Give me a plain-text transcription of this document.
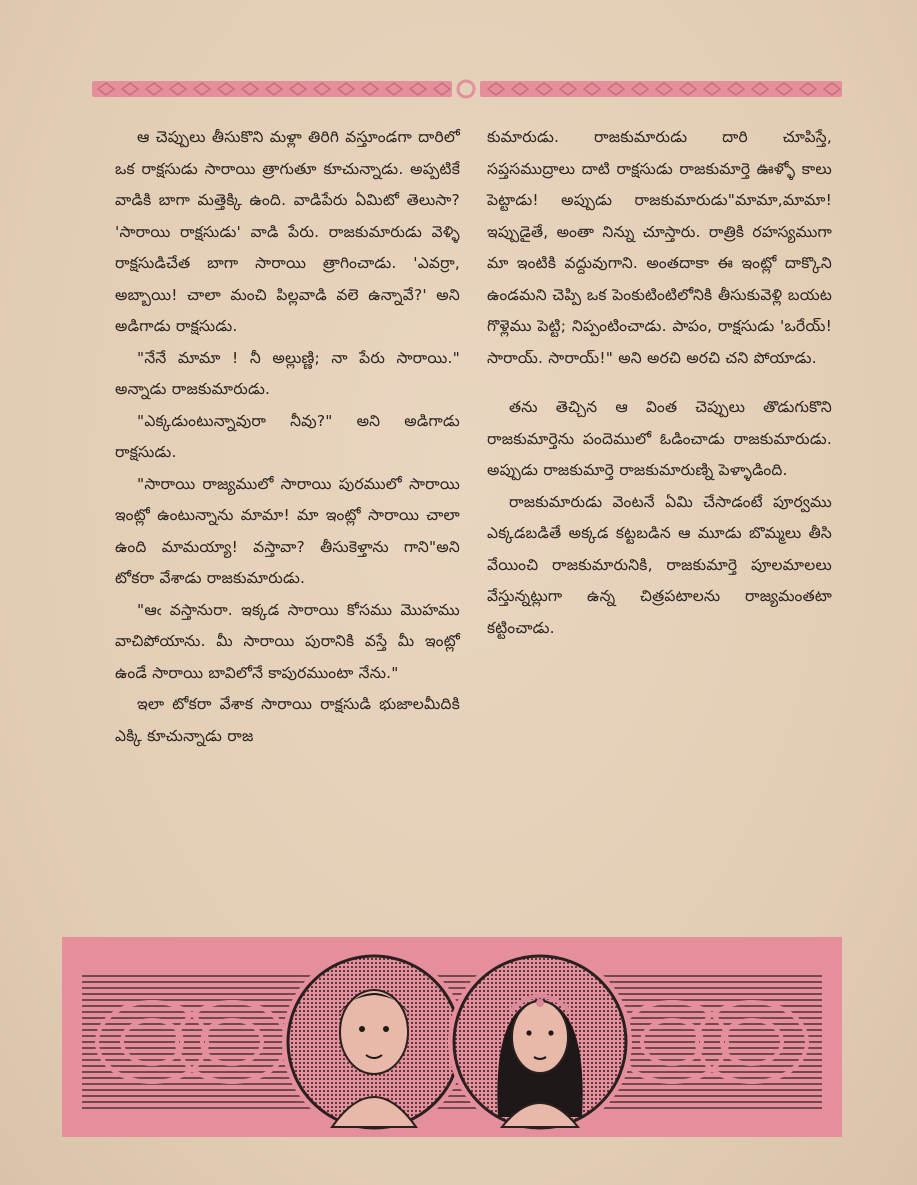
ఆ చెప్పులు తీసుకొని మళ్లా తిరిగి వస్తూండగా దారిలో ఒక రాక్షసుడు సారాయి త్రాగుతూ కూచున్నాడు. అప్పటికే వాడికి బాగా మత్తెక్కి ఉంది. వాడిపేరు ఏమిటో తెలుసా? 'సారాయి రాక్షసుడు' వాడి పేరు. రాజకుమారుడు వెళ్ళి రాక్షసుడిచేత బాగా సారాయి త్రాగించాడు. 'ఎవర్రా, అబ్బాయి! చాలా మంచి పిల్లవాడి వలె ఉన్నావే?' అని అడిగాడు రాక్షసుడు.

"నేనే మామా ! నీ అల్లుణ్ణి; నా పేరు సారాయి." అన్నాడు రాజకుమారుడు.

"ఎక్కడుంటున్నావురా నీవు?" అని అడిగాడు రాక్షసుడు.

"సారాయి రాజ్యములో సారాయి పురములో సారాయి ఇంట్లో ఉంటున్నాను మామా! మా ఇంట్లో సారాయి చాలా ఉంది మామయ్యా! వస్తావా? తీసుకెళ్తాను గాని"అని టోకరా వేశాడు రాజకుమారుడు.

"ఆఁ వస్తానురా. ఇక్కడ సారాయి కోసము మొహము వాచిపోయాను. మీ సారాయి పురానికి వస్తే మీ ఇంట్లో ఉండే సారాయి బావిలోనే కాపురముంటా నేను."

ఇలా టోకరా వేశాక సారాయి రాక్షసుడి భుజాలమీదికి ఎక్కి కూచున్నాడు రాజ

కుమారుడు. రాజకుమారుడు దారి చూపిస్తే, సప్తసముద్రాలు దాటి రాక్షసుడు రాజకుమార్తె ఊళ్ళో కాలు పెట్టాడు! అప్పుడు రాజకుమారుడు"మామా,మామా! ఇప్పుడైతే, అంతా నిన్ను చూస్తారు. రాత్రికి రహస్యముగా మా ఇంటికి వద్దువుగాని. అంతదాకా ఈ ఇంట్లో దాక్కొని ఉండమని చెప్పి ఒక పెంకుటింటిలోనికి తీసుకువెళ్లి బయట గొళ్లెము పెట్టి; నిప్పంటించాడు. పాపం, రాక్షసుడు 'ఒరేయ్! సారాయ్. సారాయ్!" అని అరచి అరచి చని పోయాడు.

తను తెచ్చిన ఆ వింత చెప్పులు తొడుగుకొని రాజకుమార్తెను పందెములో ఓడించాడు రాజకుమారుడు. అప్పుడు రాజకుమార్తె రాజకుమారుణ్ని పెళ్ళాడింది.

రాజకుమారుడు వెంటనే ఏమి చేసాడంటే పూర్వము ఎక్కడబడితే అక్కడ కట్టబడిన ఆ మూడు బొమ్మలు తీసి వేయించి రాజకుమారునికి, రాజకుమార్తె పూలమాలలు వేస్తున్నట్లుగా ఉన్న చిత్రపటాలను రాజ్యమంతటా కట్టించాడు.
